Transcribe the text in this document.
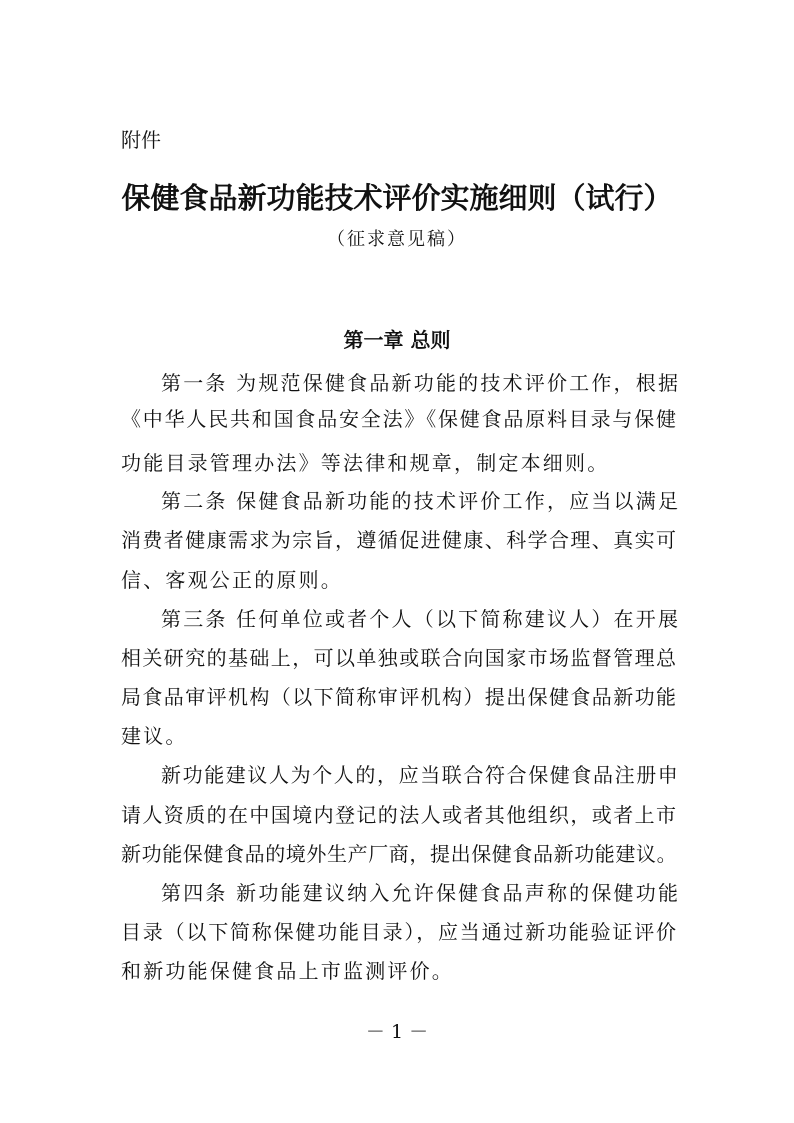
附件
保健食品新功能技术评价实施细则（试行）
（征求意见稿）
第一章 总则
第一条 为规范保健食品新功能的技术评价工作，根据
《中华人民共和国食品安全法》《保健食品原料目录与保健
功能目录管理办法》等法律和规章，制定本细则。
第二条 保健食品新功能的技术评价工作，应当以满足
消费者健康需求为宗旨，遵循促进健康、科学合理、真实可
信、客观公正的原则。
第三条 任何单位或者个人（以下简称建议人）在开展
相关研究的基础上，可以单独或联合向国家市场监督管理总
局食品审评机构（以下简称审评机构）提出保健食品新功能
建议。
新功能建议人为个人的，应当联合符合保健食品注册申
请人资质的在中国境内登记的法人或者其他组织，或者上市
新功能保健食品的境外生产厂商，提出保健食品新功能建议。
第四条 新功能建议纳入允许保健食品声称的保健功能
目录（以下简称保健功能目录），应当通过新功能验证评价
和新功能保健食品上市监测评价。
－ 1 －
